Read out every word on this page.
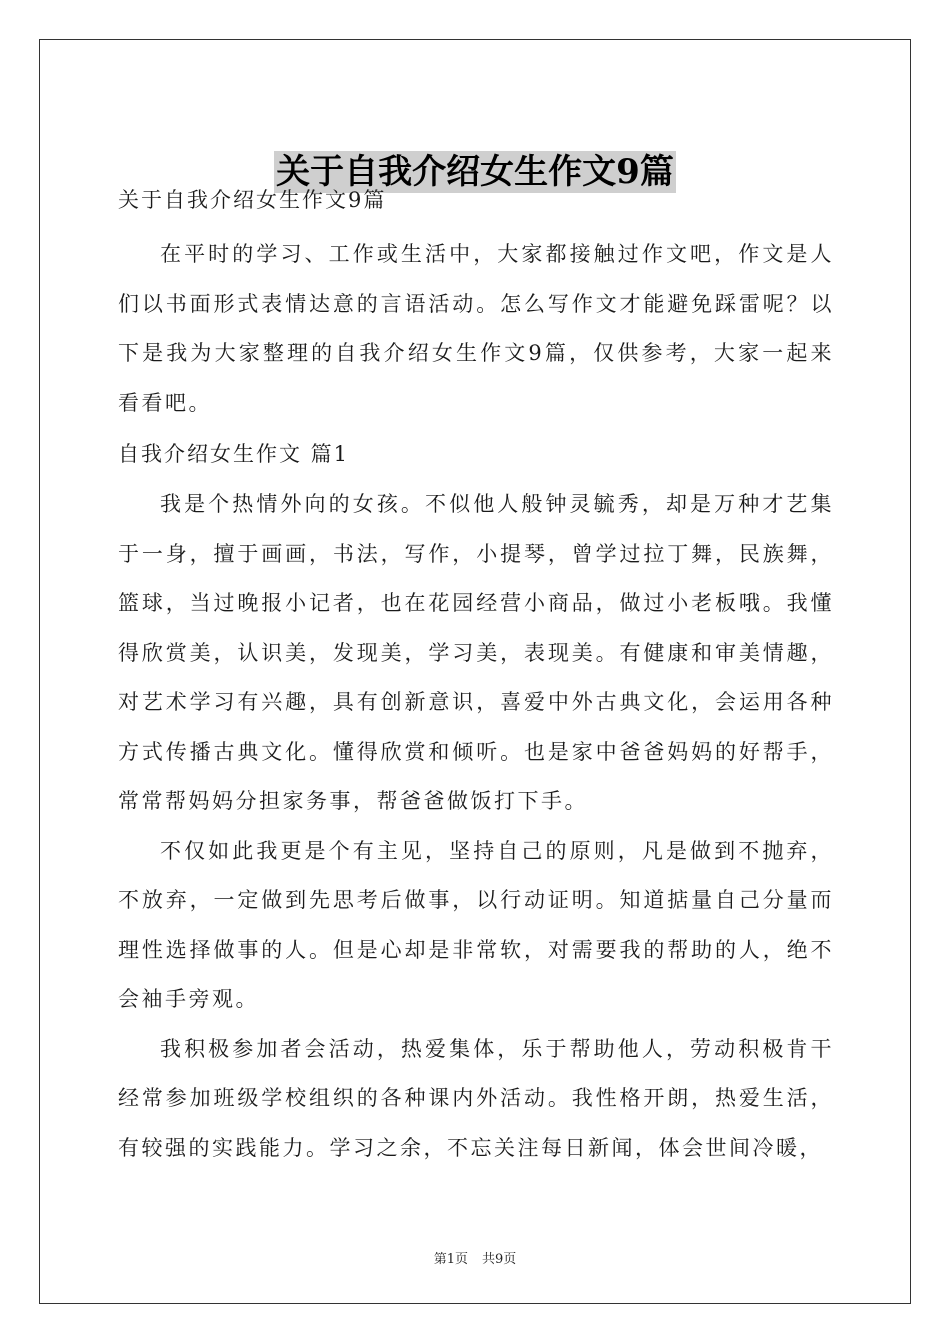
关于自我介绍女生作文9篇

关于自我介绍女生作文9篇

在平时的学习、工作或生活中，大家都接触过作文吧，作文是人们以书面形式表情达意的言语活动。怎么写作文才能避免踩雷呢？以下是我为大家整理的自我介绍女生作文9篇，仅供参考，大家一起来看看吧。

自我介绍女生作文 篇1

我是个热情外向的女孩。不似他人般钟灵毓秀，却是万种才艺集于一身，擅于画画，书法，写作，小提琴，曾学过拉丁舞，民族舞，篮球，当过晚报小记者，也在花园经营小商品，做过小老板哦。我懂得欣赏美，认识美，发现美，学习美，表现美。有健康和审美情趣，对艺术学习有兴趣，具有创新意识，喜爱中外古典文化，会运用各种方式传播古典文化。懂得欣赏和倾听。也是家中爸爸妈妈的好帮手，常常帮妈妈分担家务事，帮爸爸做饭打下手。

不仅如此我更是个有主见，坚持自己的原则，凡是做到不抛弃，不放弃，一定做到先思考后做事，以行动证明。知道掂量自己分量而理性选择做事的人。但是心却是非常软，对需要我的帮助的人，绝不会袖手旁观。

我积极参加者会活动，热爱集体，乐于帮助他人，劳动积极肯干经常参加班级学校组织的各种课内外活动。我性格开朗，热爱生活，有较强的实践能力。学习之余，不忘关注每日新闻，体会世间冷暖，

第1页 共9页
